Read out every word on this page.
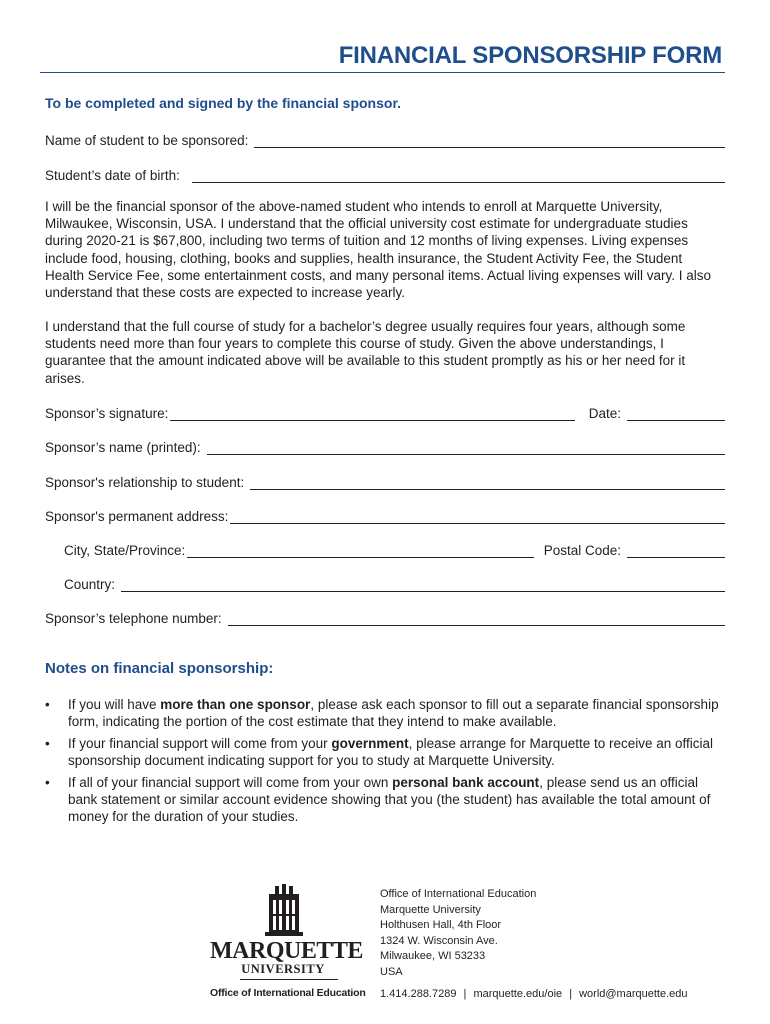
FINANCIAL SPONSORSHIP FORM
To be completed and signed by the financial sponsor.
Name of student to be sponsored:
Student’s date of birth:
I will be the financial sponsor of the above-named student who intends to enroll at Marquette University, Milwaukee, Wisconsin, USA. I understand that the official university cost estimate for undergraduate studies during 2020-21 is $67,800, including two terms of tuition and 12 months of living expenses. Living expenses include food, housing, clothing, books and supplies, health insurance, the Student Activity Fee, the Student Health Service Fee, some entertainment costs, and many personal items. Actual living expenses will vary. I also understand that these costs are expected to increase yearly.
I understand that the full course of study for a bachelor’s degree usually requires four years, although some students need more than four years to complete this course of study. Given the above understandings, I guarantee that the amount indicated above will be available to this student promptly as his or her need for it arises.
Sponsor’s signature:	Date:
Sponsor’s name (printed):
Sponsor's relationship to student:
Sponsor's permanent address:
City, State/Province:	Postal Code:
Country:
Sponsor’s telephone number:
Notes on financial sponsorship:
•	If you will have more than one sponsor, please ask each sponsor to fill out a separate financial sponsorship form, indicating the portion of the cost estimate that they intend to make available.
•	If your financial support will come from your government, please arrange for Marquette to receive an official sponsorship document indicating support for you to study at Marquette University.
•	If all of your financial support will come from your own personal bank account, please send us an official bank statement or similar account evidence showing that you (the student) has available the total amount of money for the duration of your studies.
MARQUETTE
UNIVERSITY
Office of International Education
Office of International Education
Marquette University
Holthusen Hall, 4th Floor
1324 W. Wisconsin Ave.
Milwaukee, WI 53233
USA
1.414.288.7289 | marquette.edu/oie | world@marquette.edu
